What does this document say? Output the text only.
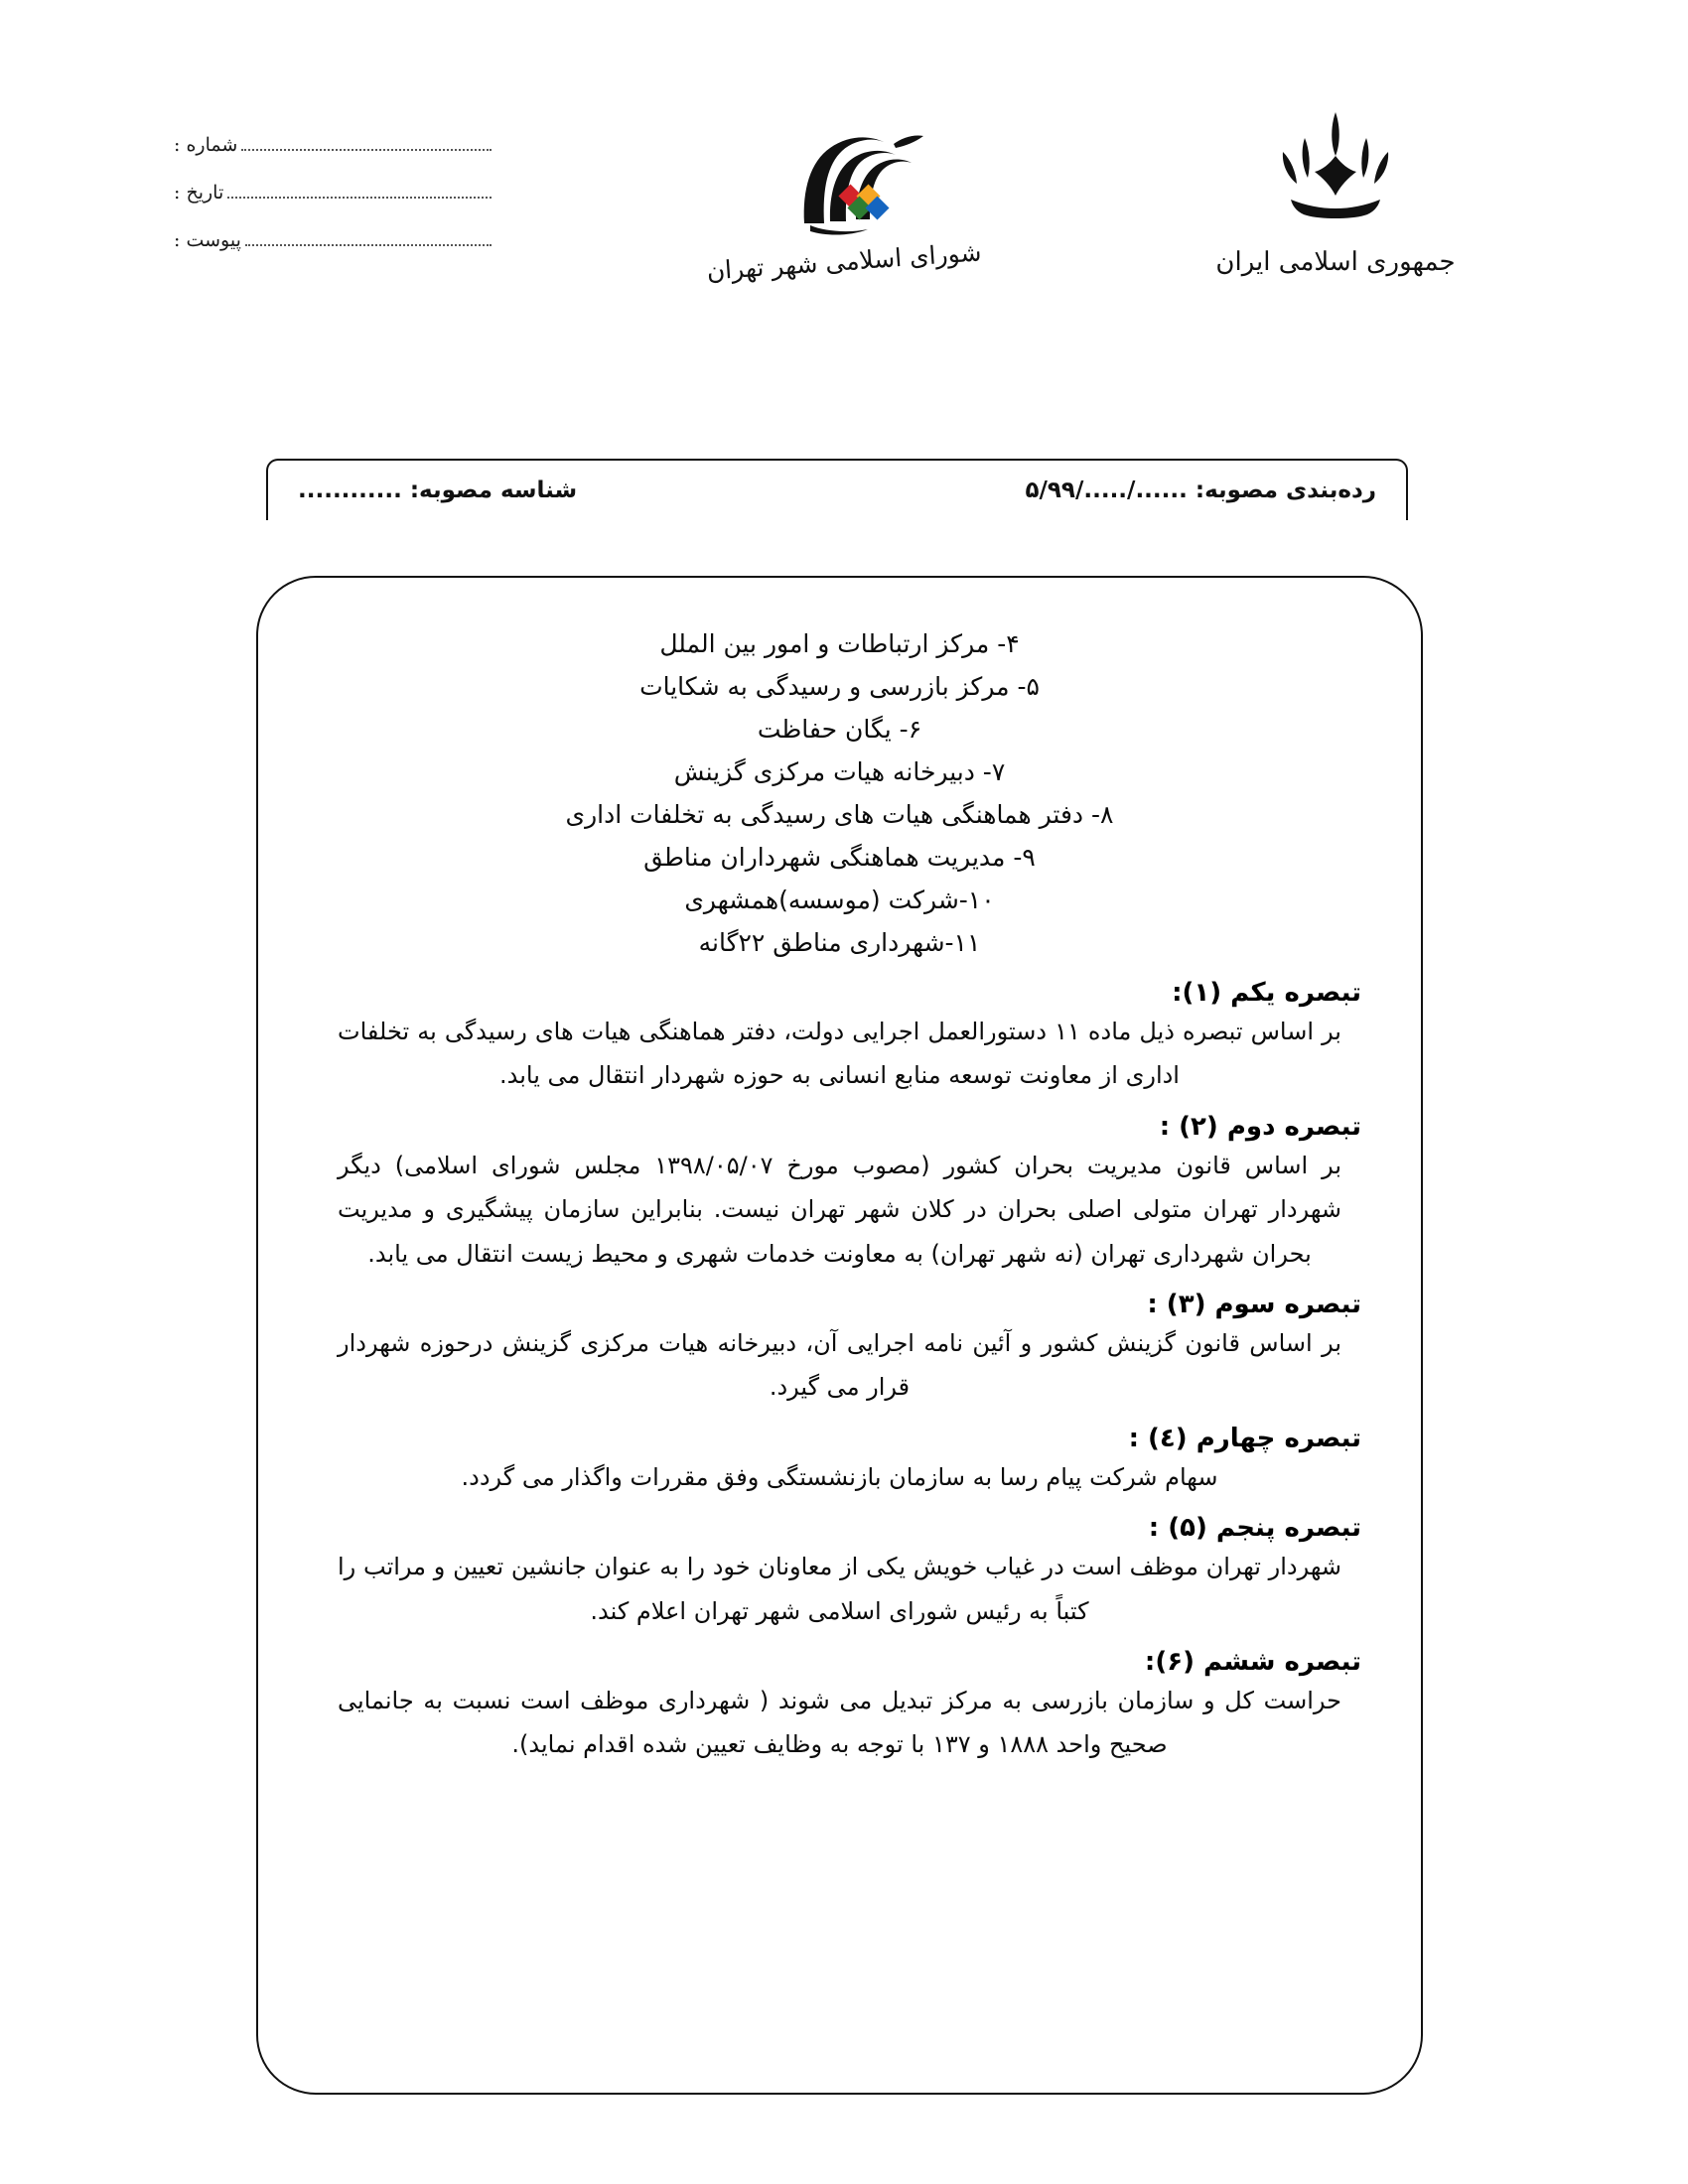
شماره :
تاریخ :
پیوست :	شورای اسلامی شهر تهران	جمهوری اسلامی ایران
رده‌بندی مصوبه: ....../...../۵/۹۹
شناسه مصوبه: ............
۴- مرکز ارتباطات و امور بین الملل
۵- مرکز بازرسی و رسیدگی به شکایات
۶- یگان حفاظت
۷- دبیرخانه هیات مرکزی گزینش
۸- دفتر هماهنگی هیات های رسیدگی به تخلفات اداری
۹- مدیریت هماهنگی شهرداران مناطق
۱۰-شرکت (موسسه)همشهری
۱۱-شهرداری مناطق ۲۲گانه
تبصره یکم (۱):

بر اساس تبصره ذیل ماده ۱۱ دستورالعمل اجرایی دولت، دفتر هماهنگی هیات های رسیدگی به تخلفات اداری از معاونت توسعه منابع انسانی به حوزه شهردار انتقال می یابد.

تبصره دوم (۲) :

بر اساس قانون مدیریت بحران کشور (مصوب مورخ ۱۳۹۸/۰۵/۰۷ مجلس شورای اسلامی) دیگر شهردار تهران متولی اصلی بحران در کلان شهر تهران نیست. بنابراین سازمان پیشگیری و مدیریت بحران شهرداری تهران (نه شهر تهران) به معاونت خدمات شهری و محیط زیست انتقال می یابد.

تبصره سوم (۳) :

بر اساس قانون گزینش کشور و آئین نامه اجرایی آن، دبیرخانه هیات مرکزی گزینش درحوزه شهردار قرار می گیرد.

تبصره چهارم (٤) :

سهام شرکت پیام رسا به سازمان بازنشستگی وفق مقررات واگذار می گردد.

تبصره پنجم (۵) :

شهردار تهران موظف است در غیاب خویش یکی از معاونان خود را به عنوان جانشین تعیین و مراتب را کتباً به رئیس شورای اسلامی شهر تهران اعلام کند.

تبصره ششم (۶):

حراست کل و سازمان بازرسی به مرکز تبدیل می شوند ( شهرداری موظف است نسبت به جانمایی صحیح واحد ۱۸۸۸ و ۱۳۷ با توجه به وظایف تعیین شده اقدام نماید).
